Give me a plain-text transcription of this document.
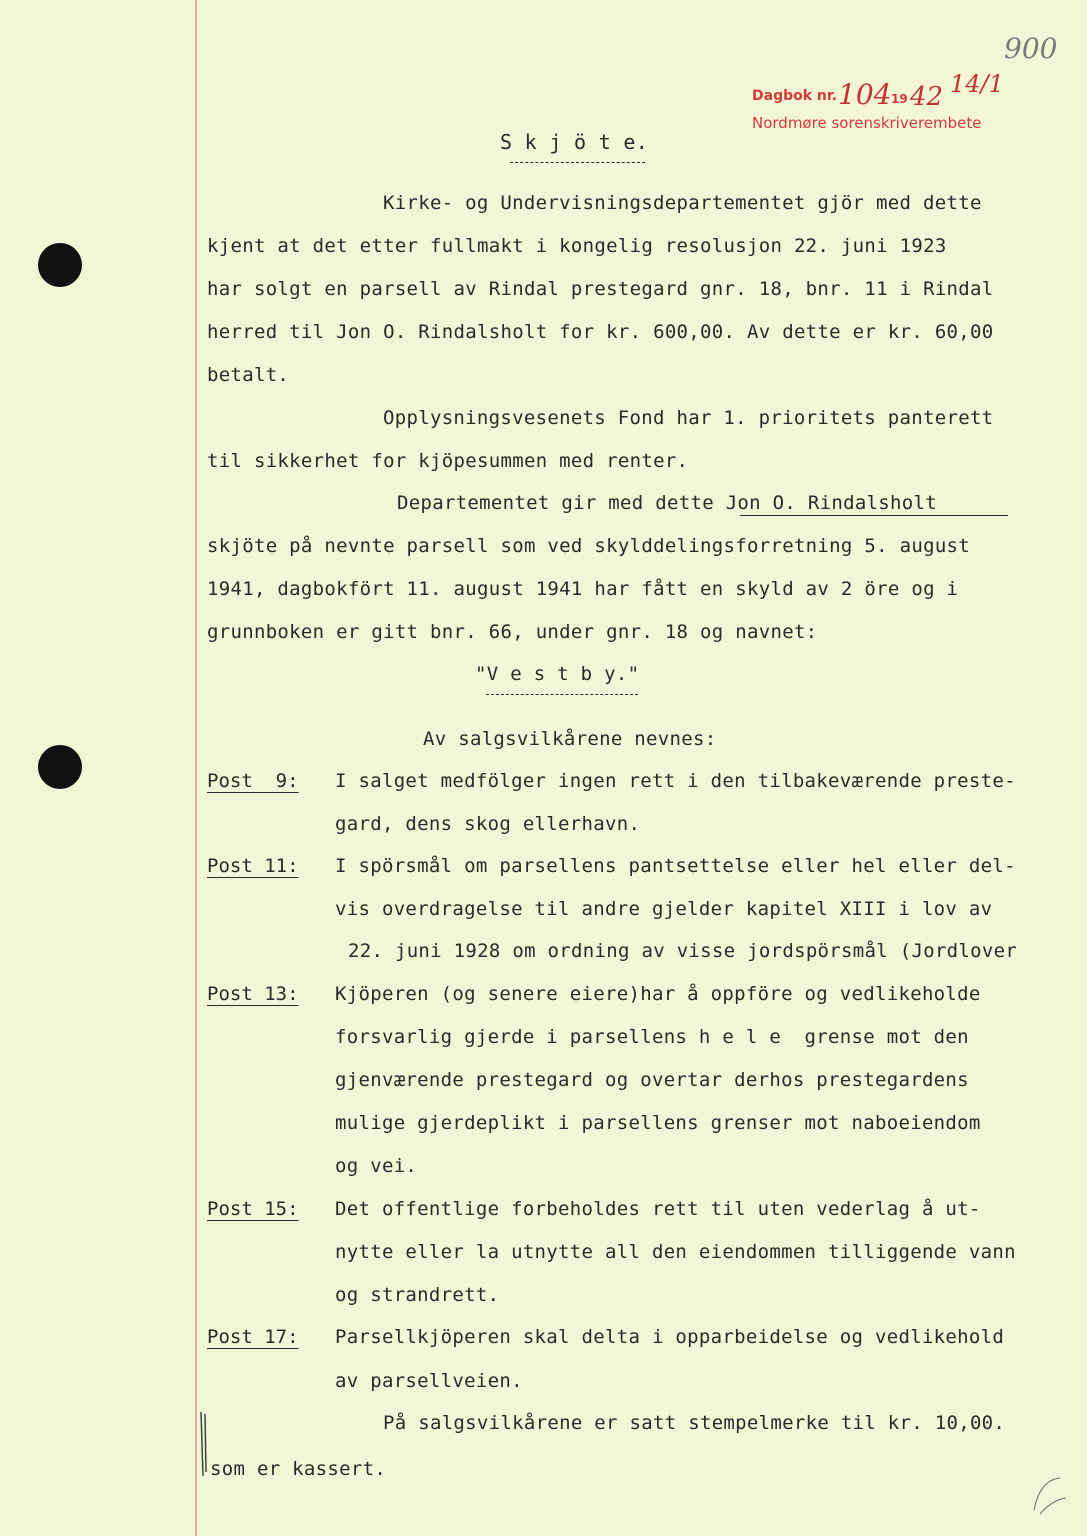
Dagbok nr. 104 19 42 14/1
Nordmøre sorenskriverembete
900
S k j ö t e.
Kirke- og Undervisningsdepartementet gjör med dette
kjent at det etter fullmakt i kongelig resolusjon 22. juni 1923
har solgt en parsell av Rindal prestegard gnr. 18, bnr. 11 i Rindal
herred til Jon O. Rindalsholt for kr. 600,00. Av dette er kr. 60,00
betalt.
Opplysningsvesenets Fond har 1. prioritets panterett
til sikkerhet for kjöpesummen med renter.
Departementet gir med dette Jon O. Rindalsholt
skjöte på nevnte parsell som ved skylddelingsforretning 5. august
1941, dagbokfört 11. august 1941 har fått en skyld av 2 öre og i
grunnboken er gitt bnr. 66, under gnr. 18 og navnet:
"V e s t b y."
Av salgsvilkårene nevnes:
Post  9: I salget medfölger ingen rett i den tilbakeværende preste-
gard, dens skog ellerhavn.
Post 11: I spörsmål om parsellens pantsettelse eller hel eller del-
vis overdragelse til andre gjelder kapitel XIII i lov av
22. juni 1928 om ordning av visse jordspörsmål (Jordlover
Post 13: Kjöperen (og senere eiere)har å oppföre og vedlikeholde
forsvarlig gjerde i parsellens h e l e  grense mot den
gjenværende prestegard og overtar derhos prestegardens
mulige gjerdeplikt i parsellens grenser mot naboeiendom
og vei.
Post 15: Det offentlige forbeholdes rett til uten vederlag å ut-
nytte eller la utnytte all den eiendommen tilliggende vann
og strandrett.
Post 17: Parsellkjöperen skal delta i opparbeidelse og vedlikehold
av parsellveien.
På salgsvilkårene er satt stempelmerke til kr. 10,00.
som er kassert.
